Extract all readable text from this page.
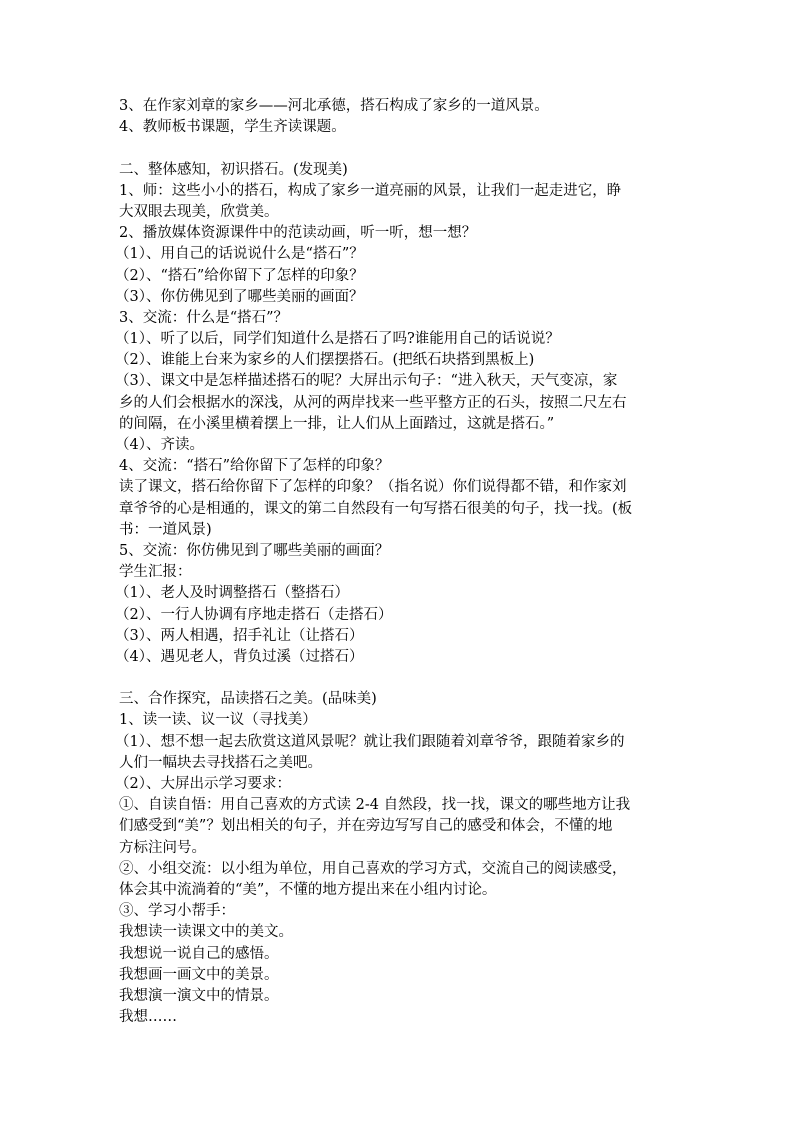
3、在作家刘章的家乡——河北承德，搭石构成了家乡的一道风景。
4、教师板书课题，学生齐读课题。
二、整体感知，初识搭石。(发现美)
1、师：这些小小的搭石，构成了家乡一道亮丽的风景，让我们一起走进它，睁
大双眼去现美，欣赏美。
2、播放媒体资源课件中的范读动画，听一听，想一想？
（1）、用自己的话说说什么是“搭石”？
（2）、“搭石”给你留下了怎样的印象？
（3）、你仿佛见到了哪些美丽的画面？
3、交流：什么是“搭石”？
（1）、听了以后，同学们知道什么是搭石了吗?谁能用自己的话说说？
（2）、谁能上台来为家乡的人们摆摆搭石。(把纸石块搭到黑板上)
（3）、课文中是怎样描述搭石的呢？大屏出示句子：“进入秋天，天气变凉，家
乡的人们会根据水的深浅，从河的两岸找来一些平整方正的石头，按照二尺左右
的间隔，在小溪里横着摆上一排，让人们从上面踏过，这就是搭石。”
（4）、齐读。
4、交流：“搭石”给你留下了怎样的印象？
读了课文，搭石给你留下了怎样的印象？（指名说）你们说得都不错，和作家刘
章爷爷的心是相通的，课文的第二自然段有一句写搭石很美的句子，找一找。(板
书：一道风景)
5、交流：你仿佛见到了哪些美丽的画面？
学生汇报：
（1）、老人及时调整搭石（整搭石）
（2）、一行人协调有序地走搭石（走搭石）
（3）、两人相遇，招手礼让（让搭石）
（4）、遇见老人，背负过溪（过搭石）
三、合作探究，品读搭石之美。(品味美)
1、读一读、议一议（寻找美）
（1）、想不想一起去欣赏这道风景呢？就让我们跟随着刘章爷爷，跟随着家乡的
人们一幅块去寻找搭石之美吧。
（2）、大屏出示学习要求：
①、自读自悟：用自己喜欢的方式读 2-4 自然段，找一找，课文的哪些地方让我
们感受到“美”？划出相关的句子，并在旁边写写自己的感受和体会，不懂的地
方标注问号。
②、小组交流：以小组为单位，用自己喜欢的学习方式，交流自己的阅读感受，
体会其中流淌着的“美”，不懂的地方提出来在小组内讨论。
③、学习小帮手：
我想读一读课文中的美文。
我想说一说自己的感悟。
我想画一画文中的美景。
我想演一演文中的情景。
我想……
